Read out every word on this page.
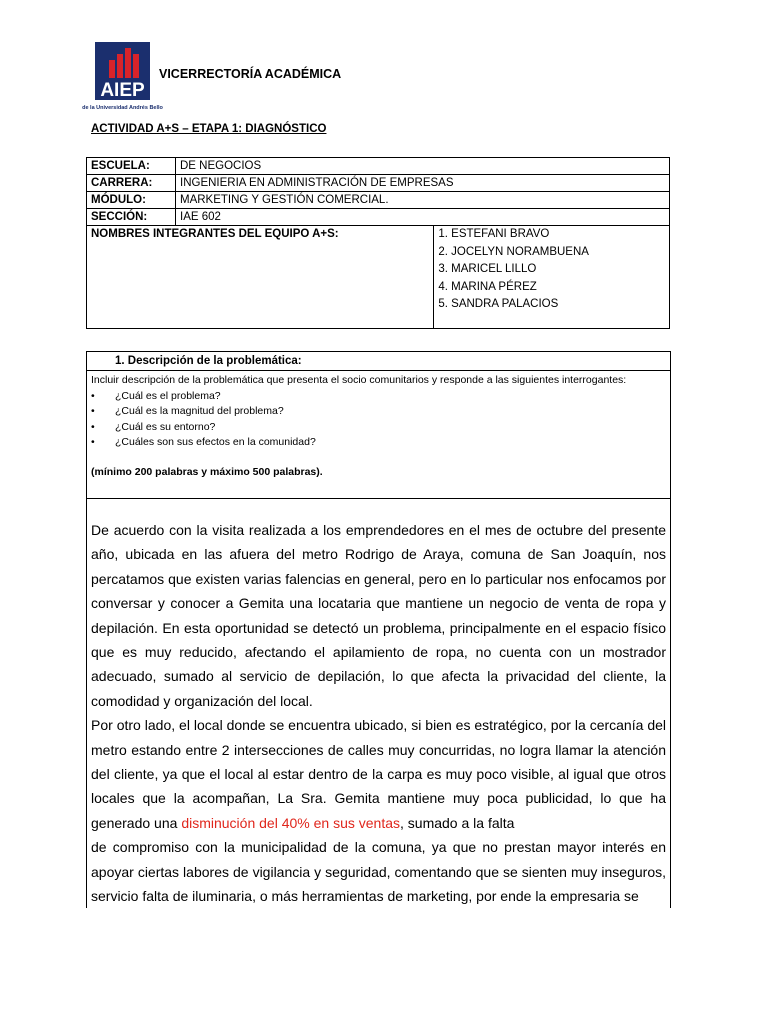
AIEP
de la Universidad Andrés Bello
VICERRECTORÍA ACADÉMICA
ACTIVIDAD A+S – ETAPA 1: DIAGNÓSTICO
ESCUELA:	DE NEGOCIOS	
CARRERA:	INGENIERIA EN ADMINISTRACIÓN DE EMPRESAS	
MÓDULO:	MARKETING Y GESTIÓN COMERCIAL.	
SECCIÓN:	IAE 602	
NOMBRES INTEGRANTES DEL EQUIPO A+S:		1. ESTEFANI BRAVO
2. JOCELYN NORAMBUENA
3. MARICEL LILLO
4. MARINA PÉREZ
5. SANDRA PALACIOS
1. Descripción de la problemática:
Incluir descripción de la problemática que presenta el socio comunitarios y responde a las siguientes interrogantes:
•	¿Cuál es el problema?
•	¿Cuál es la magnitud del problema?
•	¿Cuál es su entorno?
•	¿Cuáles son sus efectos en la comunidad?
(mínimo 200 palabras y máximo 500 palabras).

De acuerdo con la visita realizada a los emprendedores en el mes de octubre del presente año, ubicada en las afuera del metro Rodrigo de Araya, comuna de San Joaquín, nos percatamos que existen varias falencias en general, pero en lo particular nos enfocamos por conversar y conocer a Gemita una locataria que mantiene un negocio de venta de ropa y depilación. En esta oportunidad se detectó un problema, principalmente en el espacio físico que es muy reducido, afectando el apilamiento de ropa, no cuenta con un mostrador adecuado, sumado al servicio de depilación, lo que afecta la privacidad del cliente, la comodidad y organización del local.

Por otro lado, el local donde se encuentra ubicado, si bien es estratégico, por la cercanía del metro estando entre 2 intersecciones de calles muy concurridas, no logra llamar la atención del cliente, ya que el local al estar dentro de la carpa es muy poco visible, al igual que otros locales que la acompañan, La Sra. Gemita mantiene muy poca publicidad, lo que ha generado una disminución del 40% en sus ventas, sumado a la falta

de compromiso con la municipalidad de la comuna, ya que no prestan mayor interés en apoyar ciertas labores de vigilancia y seguridad, comentando que se sienten muy inseguros, servicio falta de iluminaria, o más herramientas de marketing, por ende la empresaria se
